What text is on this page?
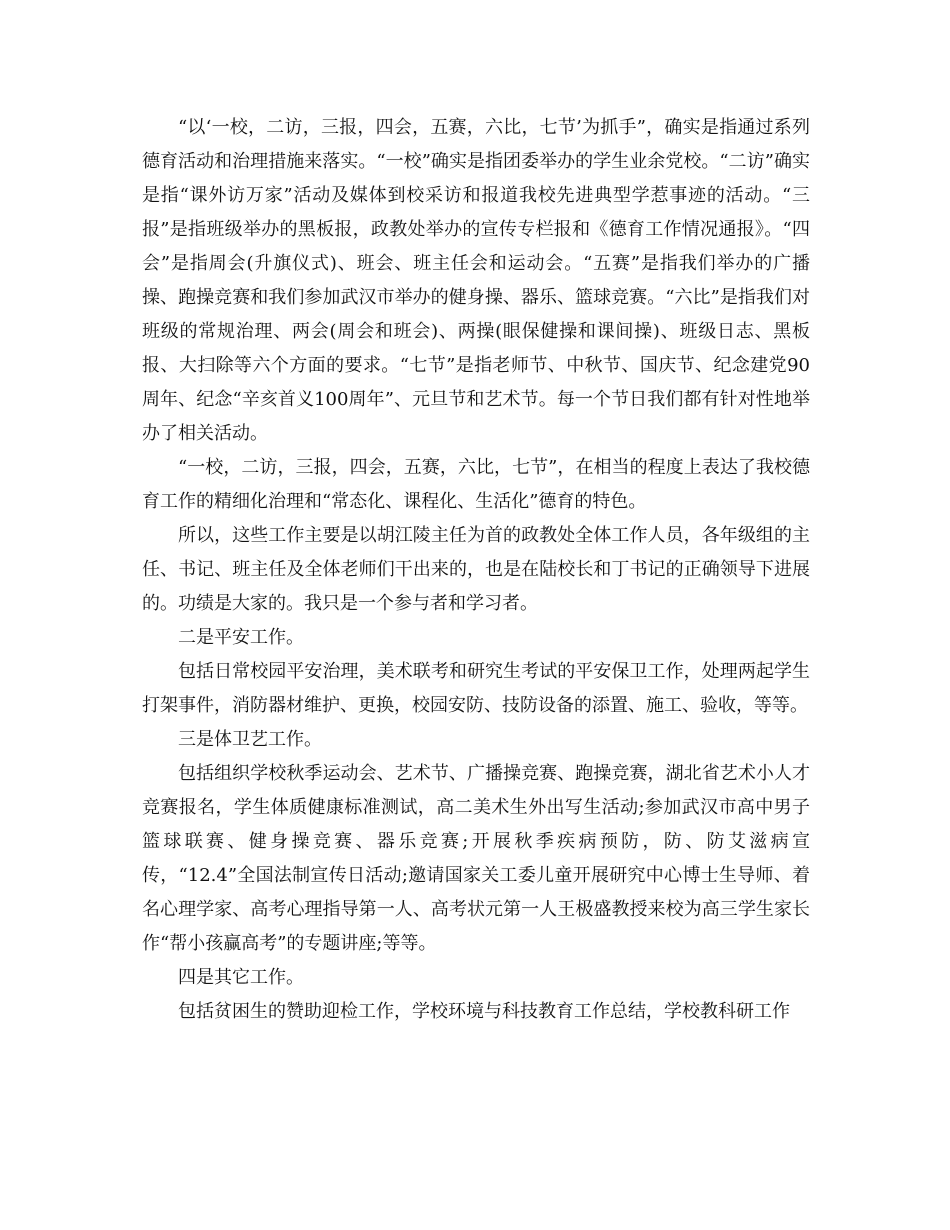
“以‘一校，二访，三报，四会，五赛，六比，七节’为抓手”，确实是指通过系列德育活动和治理措施来落实。“一校”确实是指团委举办的学生业余党校。“二访”确实是指“课外访万家”活动及媒体到校采访和报道我校先进典型学惹事迹的活动。“三报”是指班级举办的黑板报，政教处举办的宣传专栏报和《德育工作情况通报》。“四会”是指周会(升旗仪式)、班会、班主任会和运动会。“五赛”是指我们举办的广播操、跑操竞赛和我们参加武汉市举办的健身操、器乐、篮球竞赛。“六比”是指我们对班级的常规治理、两会(周会和班会)、两操(眼保健操和课间操)、班级日志、黑板报、大扫除等六个方面的要求。“七节”是指老师节、中秋节、国庆节、纪念建党90周年、纪念“辛亥首义100周年”、元旦节和艺术节。每一个节日我们都有针对性地举办了相关活动。

“一校，二访，三报，四会，五赛，六比，七节”，在相当的程度上表达了我校德育工作的精细化治理和“常态化、课程化、生活化”德育的特色。

所以，这些工作主要是以胡江陵主任为首的政教处全体工作人员，各年级组的主任、书记、班主任及全体老师们干出来的，也是在陆校长和丁书记的正确领导下进展的。功绩是大家的。我只是一个参与者和学习者。

二是平安工作。

包括日常校园平安治理，美术联考和研究生考试的平安保卫工作，处理两起学生打架事件，消防器材维护、更换，校园安防、技防设备的添置、施工、验收，等等。

三是体卫艺工作。

包括组织学校秋季运动会、艺术节、广播操竞赛、跑操竞赛，湖北省艺术小人才竞赛报名，学生体质健康标准测试，高二美术生外出写生活动;参加武汉市高中男子篮球联赛、健身操竞赛、器乐竞赛;开展秋季疾病预防，防、防艾滋病宣传，“12.4”全国法制宣传日活动;邀请国家关工委儿童开展研究中心博士生导师、着名心理学家、高考心理指导第一人、高考状元第一人王极盛教授来校为高三学生家长作“帮小孩赢高考”的专题讲座;等等。

四是其它工作。

包括贫困生的赞助迎检工作，学校环境与科技教育工作总结，学校教科研工作
